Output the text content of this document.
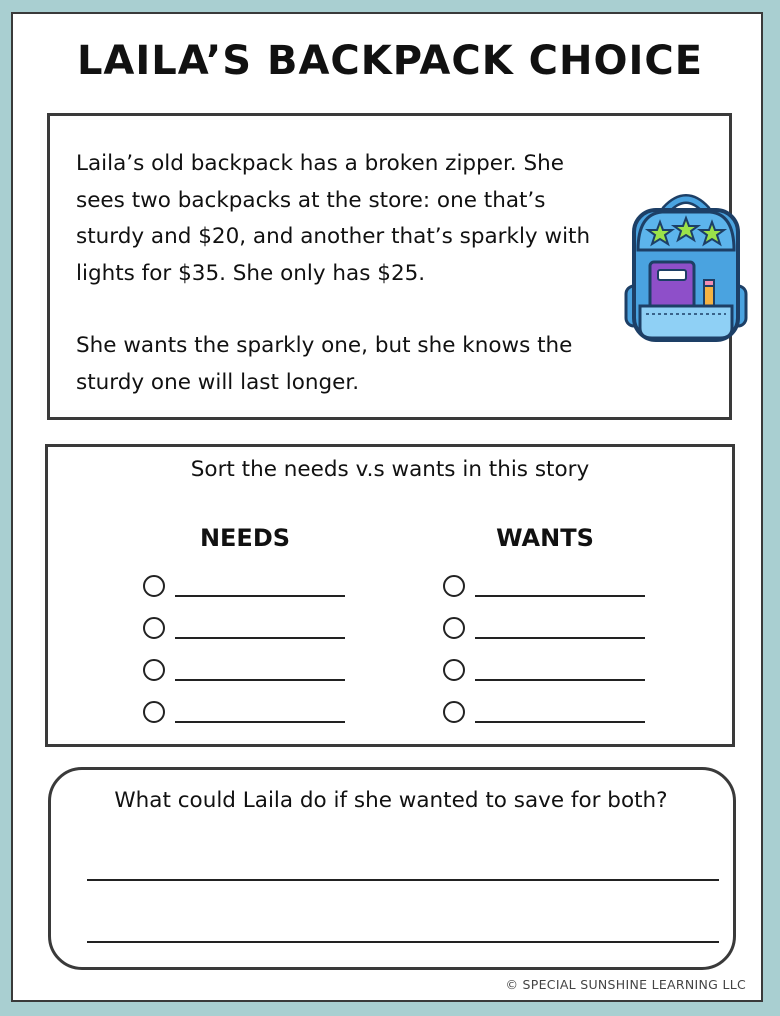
LAILA’S BACKPACK CHOICE

Laila’s old backpack has a broken zipper. She sees two backpacks at the store: one that’s sturdy and $20, and another that’s sparkly with lights for $35. She only has $25.

She wants the sparkly one, but she knows the sturdy one will last longer.

Sort the needs v.s wants in this story
NEEDS	WANTS
What could Laila do if she wanted to save for both?
© SPECIAL SUNSHINE LEARNING LLC
